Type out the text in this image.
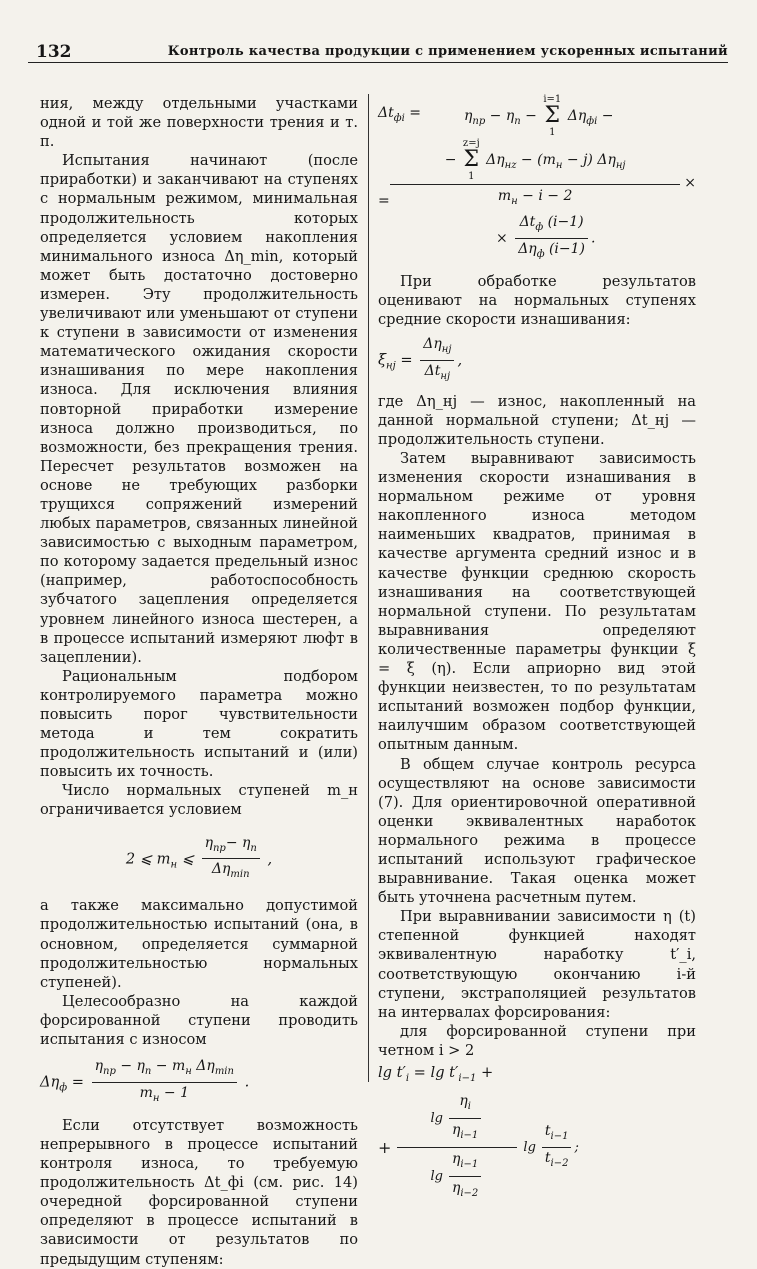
132	Контроль качества продукции с применением ускоренных испытаний

ния, между отдельными участками одной и той же поверхности трения и т. п.

Испытания начинают (после приработки) и заканчивают на ступенях с нормальным режимом, минимальная продолжительность которых определяется условием накопления минимального износа Δη_min, который может быть достаточно достоверно измерен. Эту продолжительность увеличивают или уменьшают от ступени к ступени в зависимости от изменения математического ожидания скорости изнашивания по мере накопления износа. Для исключения влияния повторной приработки измерение износа должно производиться, по возможности, без прекращения трения. Пересчет результатов возможен на основе не требующих разборки трущихся сопряжений измерений любых параметров, связанных линейной зависимостью с выходным параметром, по которому задается предельный износ (например, работоспособность зубчатого зацепления определяется уровнем линейного износа шестерен, а в процессе испытаний измеряют люфт в зацеплении).

Рациональным подбором контролируемого параметра можно повысить порог чувствительности метода и тем сократить продолжительность испытаний и (или) повысить их точность.

Число нормальных ступеней m_н ограничивается условием

2 ⩽ $m_н$ ⩽
$\eta_{пр}- \eta_п$
$\Delta\eta_{min}$
,

а также максимально допустимой продолжительностью испытаний (она, в основном, определяется суммарной продолжительностью нормальных ступеней).

Целесообразно на каждой форсированной ступени проводить испытания с износом

$\Delta\eta_ф$ =
$\eta_{пр} - \eta_п - m_н$ $\Delta\eta_{min}$
$m_н - 1$
.

Если отсутствует возможность непрерывного в процессе испытаний контроля износа, то требуемую продолжительность Δt_фi (см. рис. 14) очередной форсированной ступени определяют в процессе испытаний в зависимости от результатов по предыдущим ступеням:

$\Delta t_{фi}$ =	$\eta_{пр} - \eta_п$ −
i=1
Σ
1
$\Delta\eta_{фi}$ −
=
−
z=j
Σ
1
$\Delta\eta_{нz} - (m_н - j)$ $\Delta\eta_{нj}$
$m_н - i - 2$
×
×
$\Delta t_ф$ (i−1)
$\Delta\eta_ф$ (i−1)
.

При обработке результатов оценивают на нормальных ступенях средние скорости изнашивания:

$\xi_{нj}$ =
$\Delta\eta_{нj}$
$\Delta t_{нj}$
,

где Δη_нj — износ, накопленный на данной нормальной ступени; Δt_нj — продолжительность ступени.

Затем выравнивают зависимость изменения скорости изнашивания в нормальном режиме от уровня накопленного износа методом наименьших квадратов, принимая в качестве аргумента средний износ и в качестве функции среднюю скорость изнашивания на соответствующей нормальной ступени. По результатам выравнивания определяют количественные параметры функции ξ = ξ (η). Если априорно вид этой функции неизвестен, то по результатам испытаний возможен подбор функции, наилучшим образом соответствующей опытным данным.

В общем случае контроль ресурса осуществляют на основе зависимости (7). Для ориентировочной оперативной оценки эквивалентных наработок нормального режима в процессе испытаний используют графическое выравнивание. Такая оценка может быть уточнена расчетным путем.

При выравнивании зависимости η (t) степенной функцией находят эквивалентную наработку t′_i, соответствующую окончанию i-й ступени, экстраполяцией результатов на интервалах форсирования:

для форсированной ступени при четном i > 2

$\lg t'_i = \lg t'_{i-1}$ +
+ lg
$\eta_i$
$\eta_{i-1}$
lg
$\eta_{i-1}$
$\eta_{i-2}$ lg
$t_{i-1}$
$t_{i-2}$
;
